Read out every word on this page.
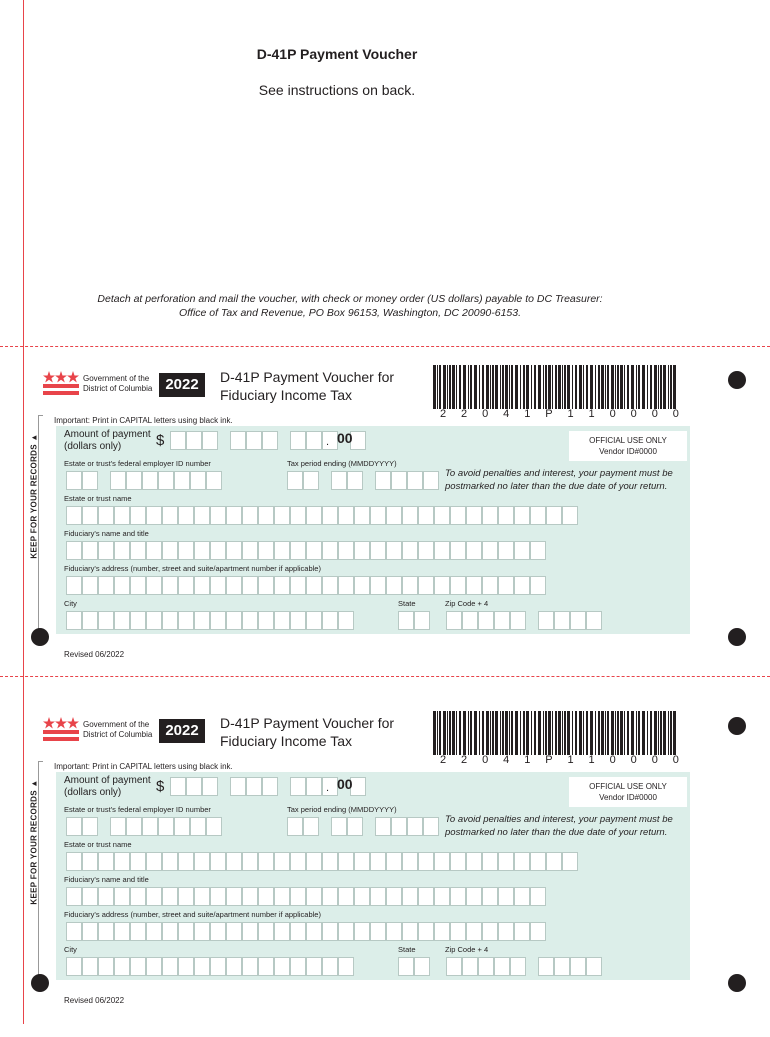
D-41P Payment Voucher
See instructions on back.
Detach at perforation and mail the voucher, with check or money order (US dollars) payable to DC Treasurer:
Office of Tax and Revenue, PO Box 96153, Washington, DC 20090-6153.
Government of the
District of Columbia 2022	D-41P Payment Voucher for
Fiduciary Income Tax
2 2 0 4 1 P 1 1 0 0 0 0
KEEP FOR YOUR RECORDS ▲
Important: Print in CAPITAL letters using black ink.
Amount of payment
(dollars only)	$	. 00	OFFICIAL USE ONLY
Vendor ID#0000
To avoid penalties and interest, your payment must be
postmarked no later than the due date of your return.
Estate or trust's federal employer ID number	Tax period ending (MMDDYYYY)
Estate or trust name
Fiduciary's name and title
Fiduciary's address (number, street and suite/apartment number if applicable)
City	State	Zip Code + 4
Revised 06/2022
Government of the
District of Columbia 2022	D-41P Payment Voucher for
Fiduciary Income Tax
2 2 0 4 1 P 1 1 0 0 0 0
KEEP FOR YOUR RECORDS ▲
Important: Print in CAPITAL letters using black ink.
Amount of payment
(dollars only)	$	. 00	OFFICIAL USE ONLY
Vendor ID#0000
To avoid penalties and interest, your payment must be
postmarked no later than the due date of your return.
Estate or trust's federal employer ID number	Tax period ending (MMDDYYYY)
Estate or trust name
Fiduciary's name and title
Fiduciary's address (number, street and suite/apartment number if applicable)
City	State	Zip Code + 4
Revised 06/2022
